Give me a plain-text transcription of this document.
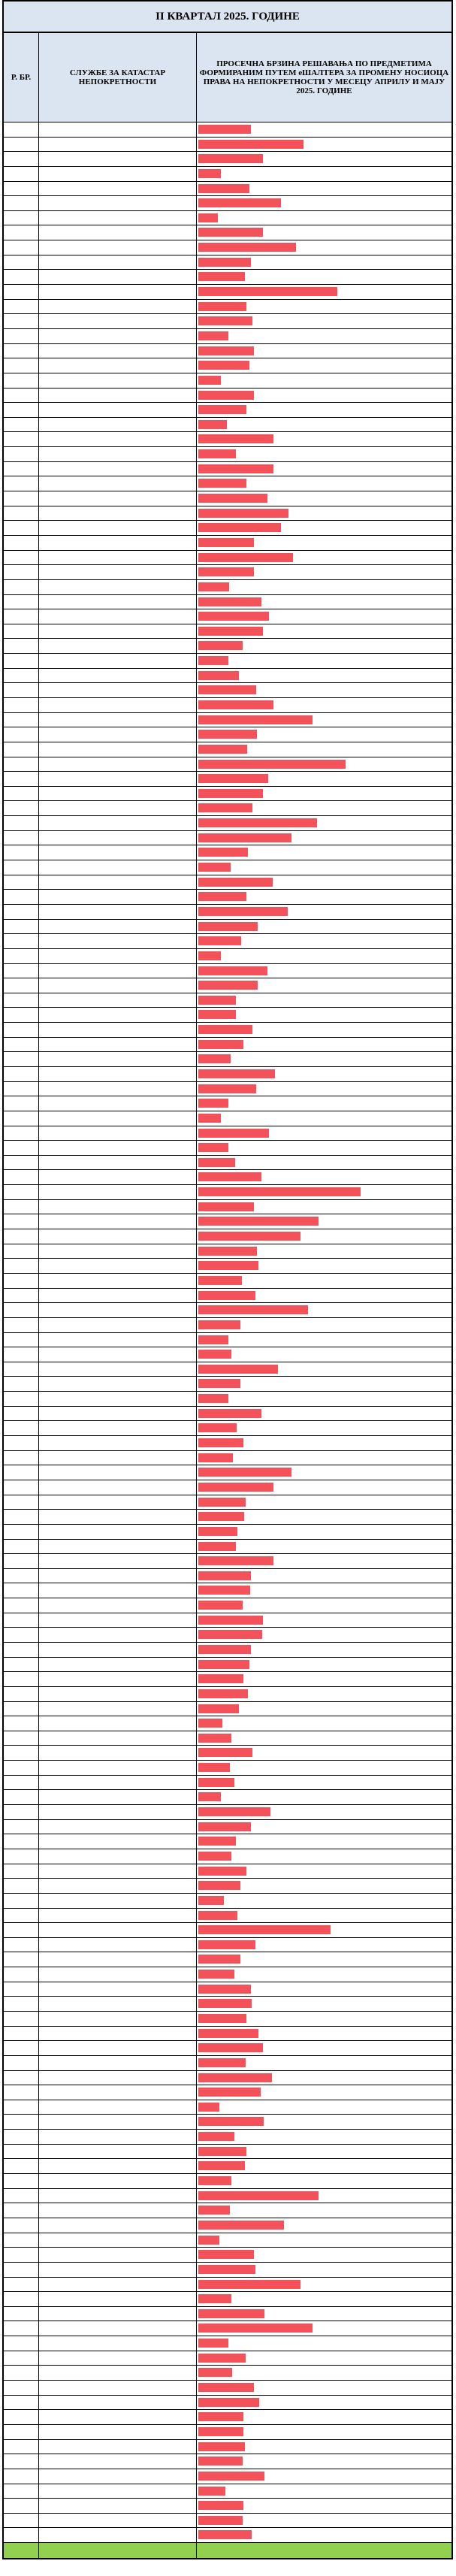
II КВАРТАЛ 2025. ГОДИНЕ
Р. БР.	СЛУЖБЕ ЗА КАТАСТАР НЕПОКРЕТНОСТИ
ПРОСЕЧНА БРЗИНА РЕШАВАЊА ПО ПРЕДМЕТИМА ФОРМИРАНИМ ПУТЕМ еШАЛТЕРА ЗА ПРОМЕНУ НОСИОЦА ПРАВА НА НЕПОКРЕТНОСТИ У МЕСЕЦУ АПРИЛУ И МАЈУ 2025. ГОДИНЕ
